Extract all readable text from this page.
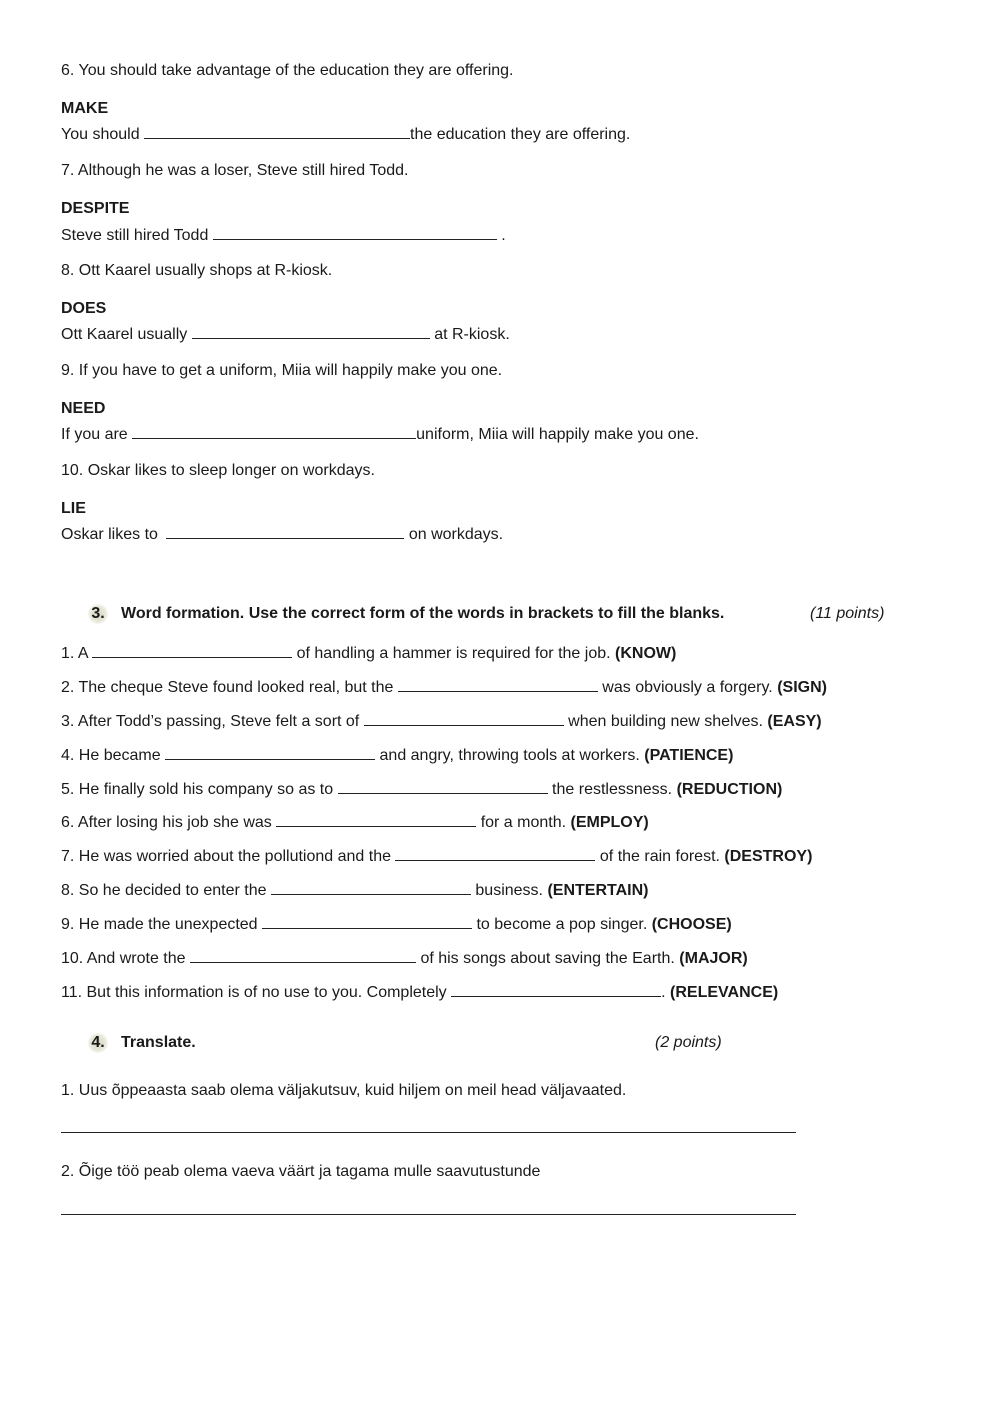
6. You should take advantage of the education they are offering.
MAKE
You should	the education they are offering.
7. Although he was a loser, Steve still hired Todd.
DESPITE
Steve still hired Todd	.
8. Ott Kaarel usually shops at R-kiosk.
DOES
Ott Kaarel usually	at R-kiosk.
9. If you have to get a uniform, Miia will happily make you one.
NEED
If you are	uniform, Miia will happily make you one.
10. Oskar likes to sleep longer on workdays.
LIE
Oskar likes to	on workdays.
3. Word formation. Use the correct form of the words in brackets to fill the blanks.	(11 points)
1. A	of handling a hammer is required for the job. (KNOW)
2. The cheque Steve found looked real, but the	was obviously a forgery. (SIGN)
3. After Todd’s passing, Steve felt a sort of	when building new shelves. (EASY)
4. He became	and angry, throwing tools at workers. (PATIENCE)
5. He finally sold his company so as to	the restlessness. (REDUCTION)
6. After losing his job she was	for a month. (EMPLOY)
7. He was worried about the pollutiond and the	of the rain forest. (DESTROY)
8. So he decided to enter the	business. (ENTERTAIN)
9. He made the unexpected	to become a pop singer. (CHOOSE)
10. And wrote the	of his songs about saving the Earth. (MAJOR)
11. But this information is of no use to you. Completely	. (RELEVANCE)
4. Translate.	(2 points)
1. Uus õppeaasta saab olema väljakutsuv, kuid hiljem on meil head väljavaated.
2. Õige töö peab olema vaeva väärt ja tagama mulle saavutustunde
